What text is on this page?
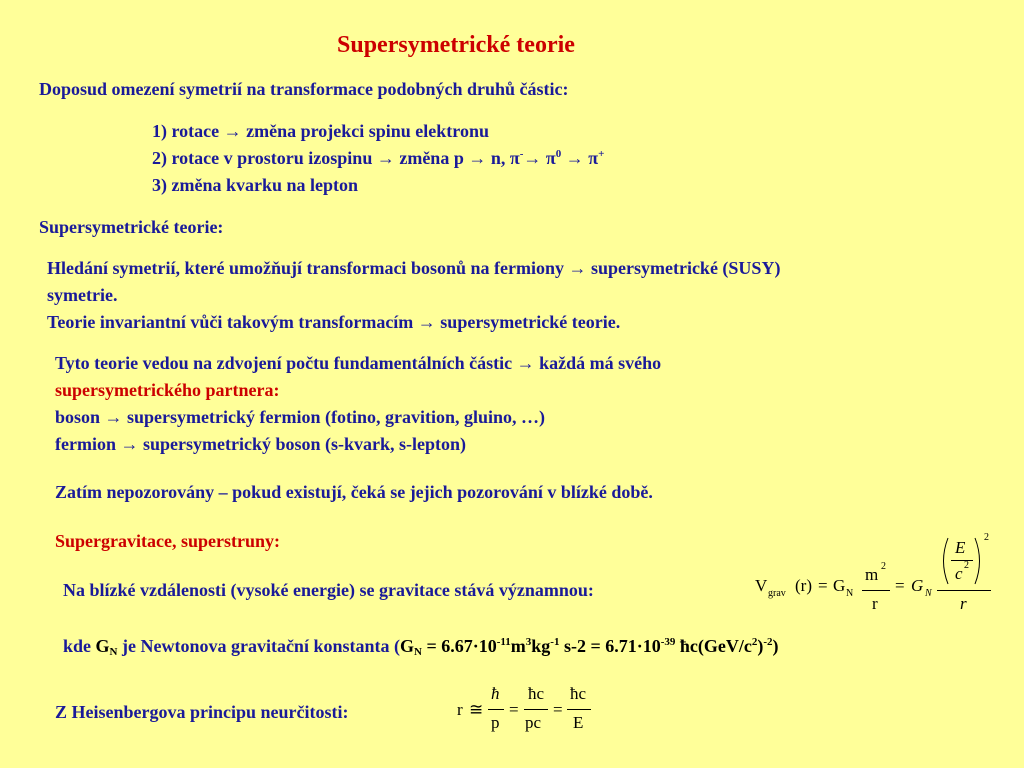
Supersymetrické teorie
Doposud omezení symetrií na transformace podobných druhů částic:
1) rotace → změna projekci spinu elektronu
2) rotace v prostoru izospinu → změna p → n, $\pi^-\to \pi^0 \to \pi^+$
3) změna kvarku na lepton
Supersymetrické teorie:
Hledání symetrií, které umožňují transformaci bosonů na fermiony → supersymetrické (SUSY)
symetrie.
Teorie invariantní vůči takovým transformacím → supersymetrické teorie.
Tyto teorie vedou na zdvojení počtu fundamentálních částic → každá má svého
supersymetrického partnera:
boson → supersymetrický fermion (fotino, gravition, gluino, …)
fermion → supersymetrický boson (s-kvark, s-lepton)
Zatím nepozorovány – pokud existují, čeká se jejich pozorování v blízké době.
Supergravitace, superstruny:
Na blízké vzdálenosti (vysoké energie) se gravitace stává významnou:	V grav (r) = G N
m 2
r
= G N
E
c 2
2
r
kde $G_N$ je Newtonova gravitační konstanta ($G_N = 6.67\cdot 10^{-11}m^3kg^{-1}$ $s-2 = 6.71\cdot 10^{-39}$ $ħc(GeV/c^2)^{-2}$)
Z Heisenbergova principu neurčitosti:	r ≅
ħ
p
=
ħc
pc
=
ħc
E
